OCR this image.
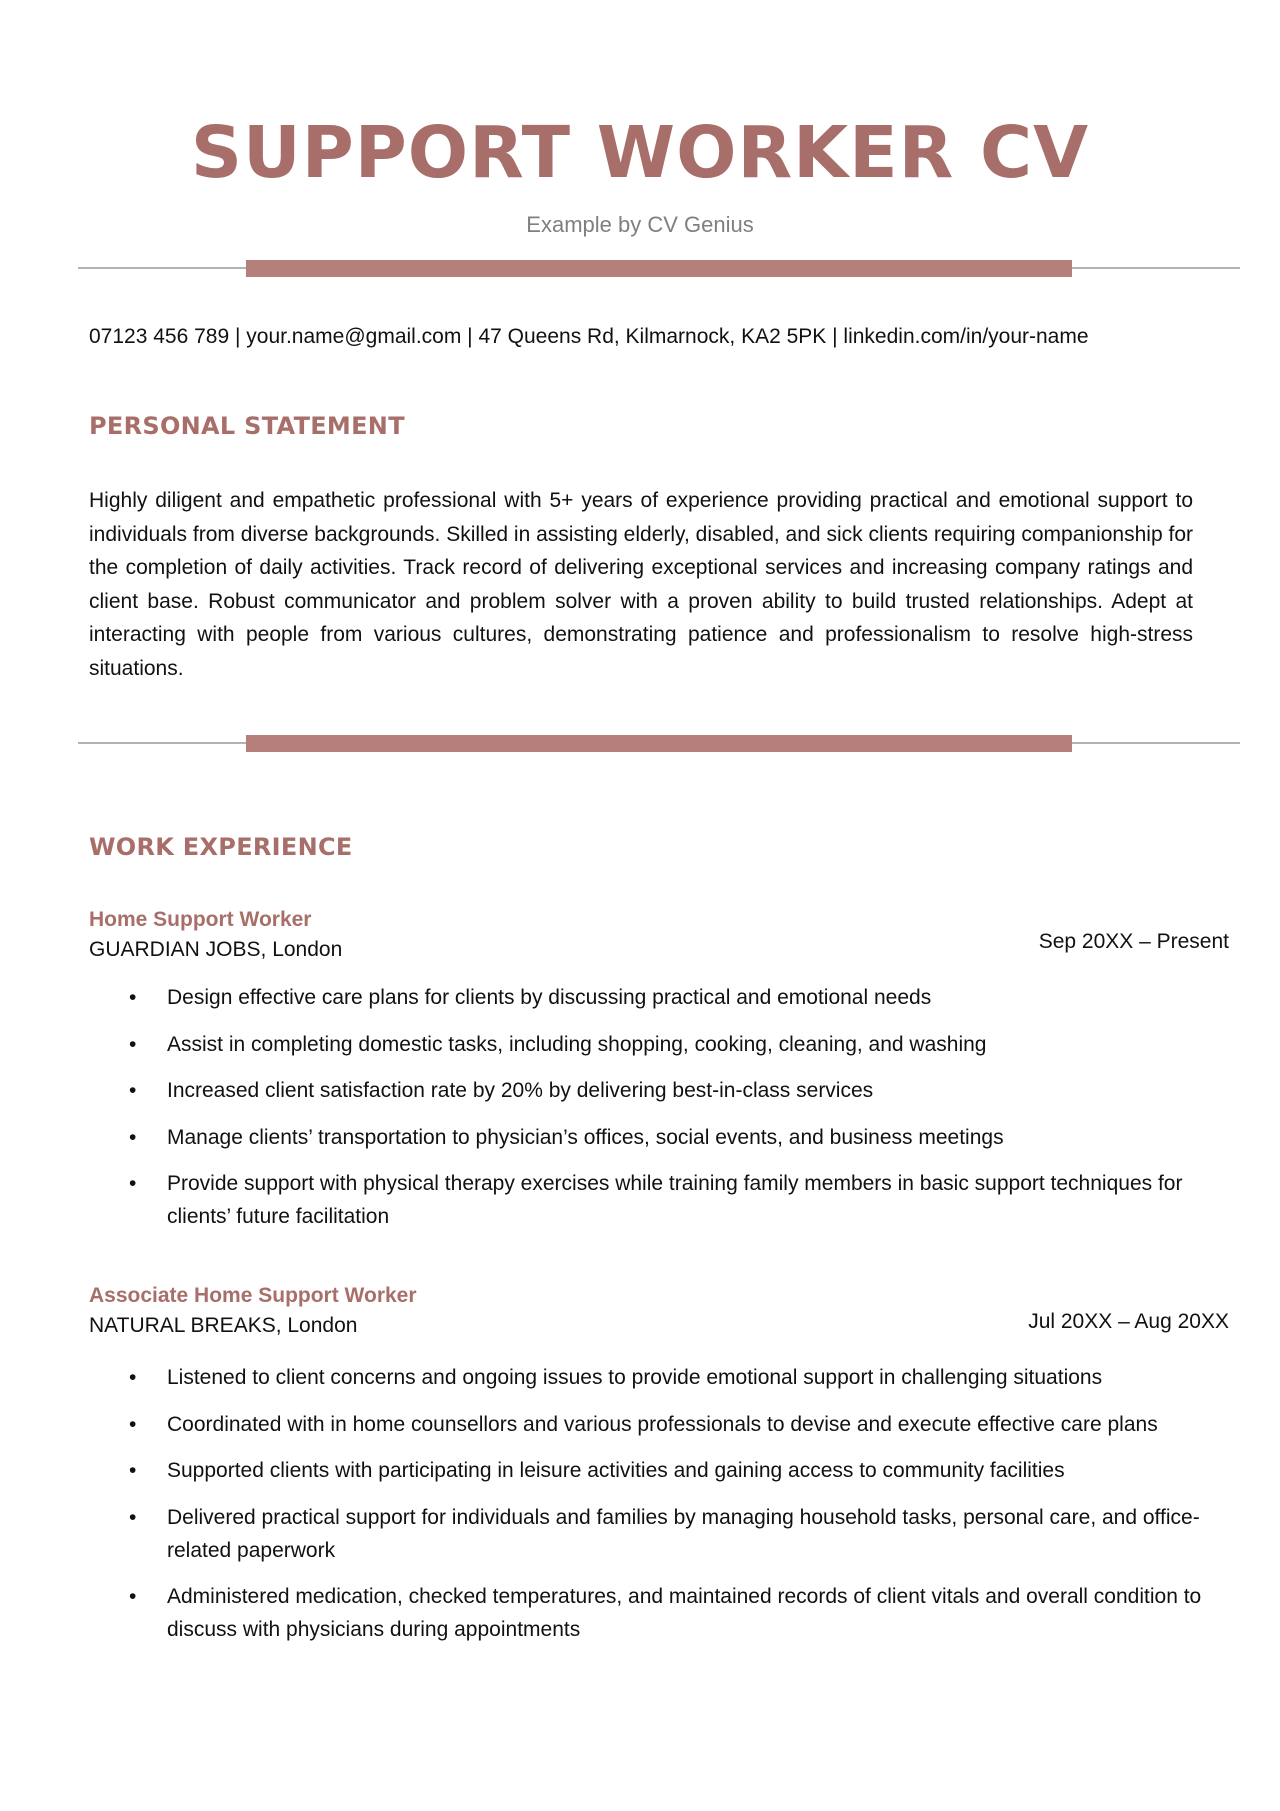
SUPPORT WORKER CV
Example by CV Genius
07123 456 789 | your.name@gmail.com | 47 Queens Rd, Kilmarnock, KA2 5PK | linkedin.com/in/your-name
PERSONAL STATEMENT

Highly diligent and empathetic professional with 5+ years of experience providing practical and emotional support to individuals from diverse backgrounds. Skilled in assisting elderly, disabled, and sick clients requiring companionship for the completion of daily activities. Track record of delivering exceptional services and increasing company ratings and client base. Robust communicator and problem solver with a proven ability to build trusted relationships. Adept at interacting with people from various cultures, demonstrating patience and professionalism to resolve high-stress situations.

WORK EXPERIENCE
Home Support Worker
GUARDIAN JOBS, London	Sep 20XX – Present
• Design effective care plans for clients by discussing practical and emotional needs
• Assist in completing domestic tasks, including shopping, cooking, cleaning, and washing
• Increased client satisfaction rate by 20% by delivering best-in-class services
• Manage clients’ transportation to physician’s offices, social events, and business meetings
• Provide support with physical therapy exercises while training family members in basic support techniques for clients’ future facilitation
Associate Home Support Worker
NATURAL BREAKS, London	Jul 20XX – Aug 20XX
• Listened to client concerns and ongoing issues to provide emotional support in challenging situations
• Coordinated with in home counsellors and various professionals to devise and execute effective care plans
• Supported clients with participating in leisure activities and gaining access to community facilities
• Delivered practical support for individuals and families by managing household tasks, personal care, and office-related paperwork
• Administered medication, checked temperatures, and maintained records of client vitals and overall condition to discuss with physicians during appointments
